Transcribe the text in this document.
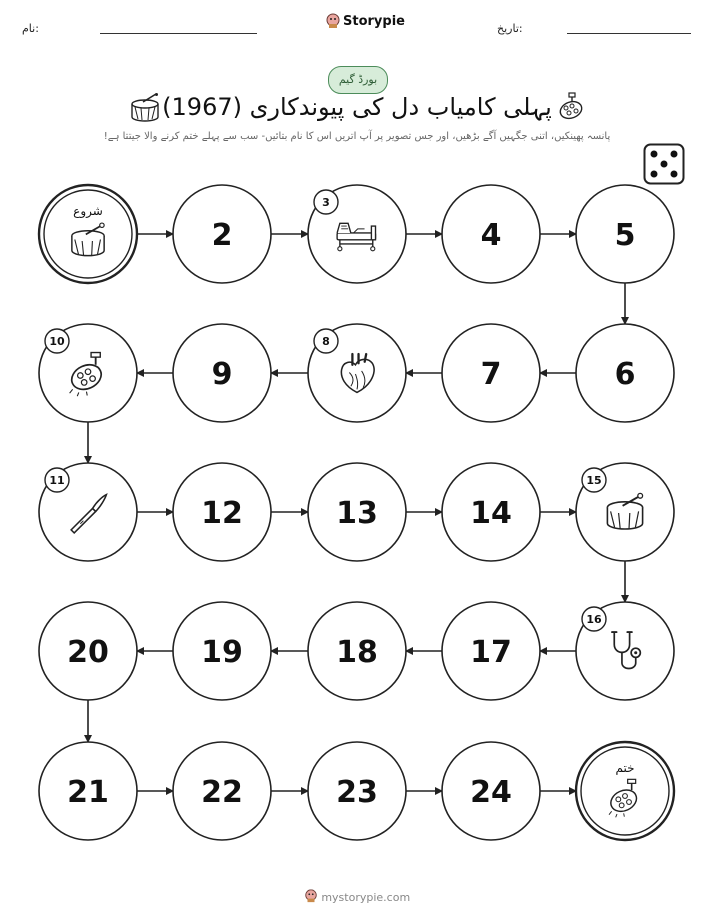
نام:	Storypie	تاریخ:
بورڈ گیم
پہلی کامیاب دل کی پیوندکاری (1967)
پانسہ پھینکیں، اتنی جگہیں آگے بڑھیں، اور جس تصویر پر آپ اتریں اس کا نام بتائیں- سب سے پہلے ختم کرنے والا جیتتا ہے!
شروع
2
3
4	5
6
7
8
9
10
11
12	13	14
15
16
17
18
19
20
21	22	23	24
ختم
mystorypie.com
